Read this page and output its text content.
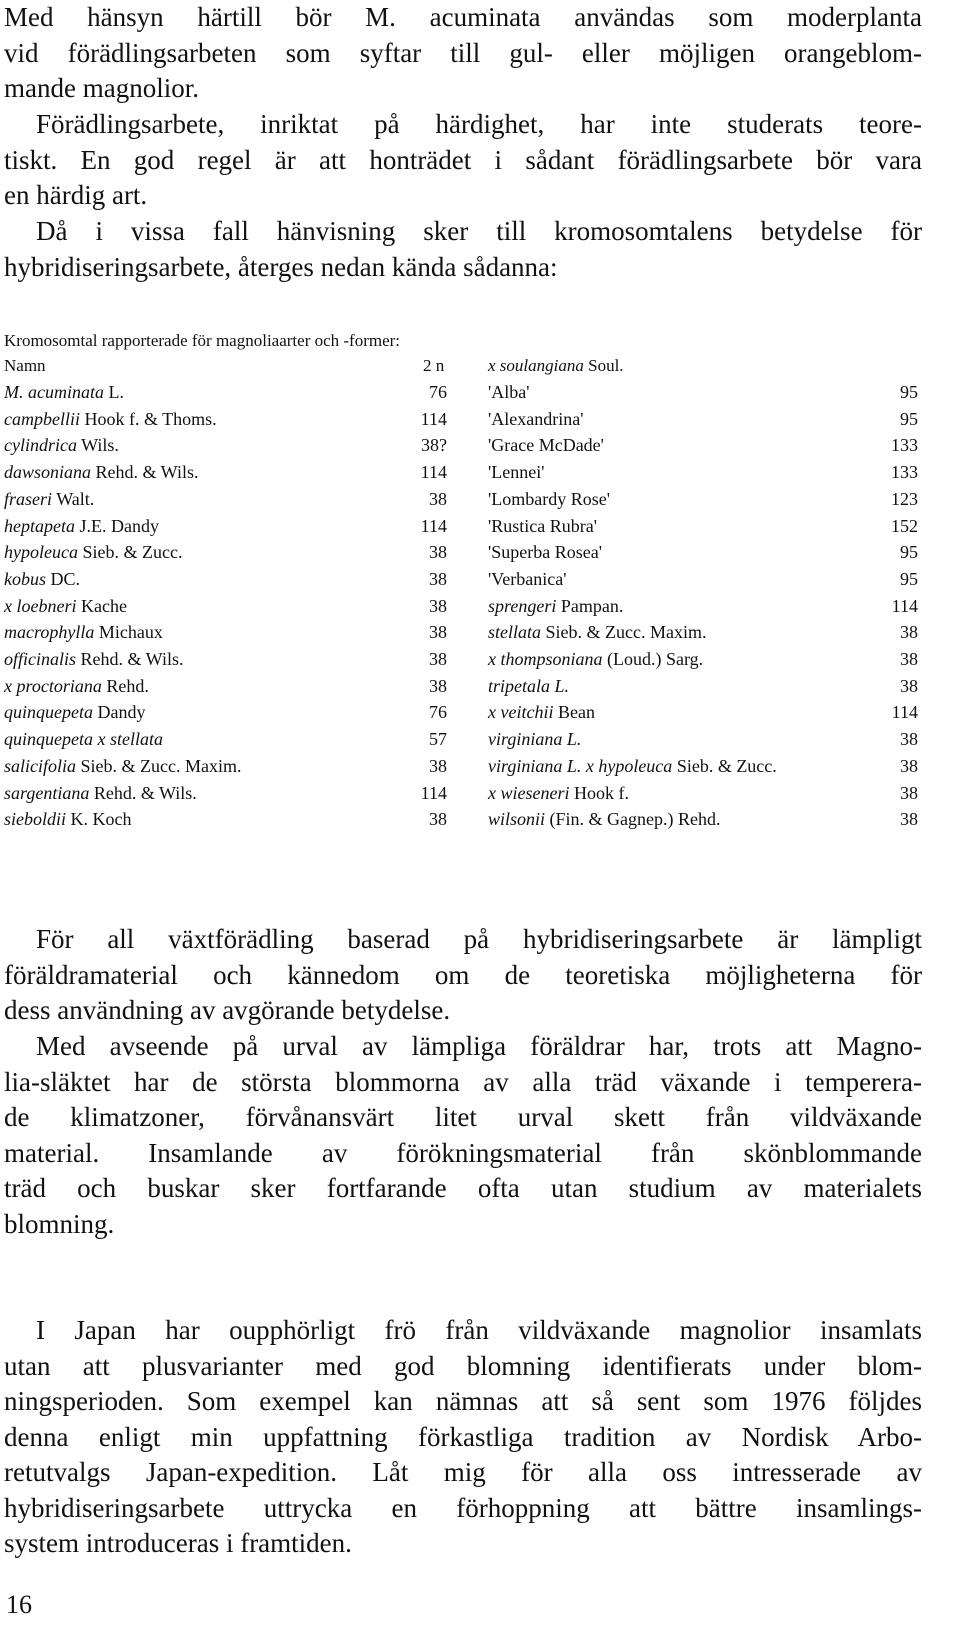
Med hänsyn härtill bör M. acuminata användas som moderplanta
vid förädlingsarbeten som syftar till gul- eller möjligen orangeblom-
mande magnolior.
Förädlingsarbete, inriktat på härdighet, har inte studerats teore-
tiskt. En god regel är att honträdet i sådant förädlingsarbete bör vara
en härdig art.
Då i vissa fall hänvisning sker till kromosomtalens betydelse för
hybridiseringsarbete, återges nedan kända sådanna:
Kromosomtal rapporterade för magnoliaarter och -former:
Namn	2 n	x soulangiana Soul.
M. acuminata L.	76 'Alba'	95
campbellii Hook f. & Thoms.	114 'Alexandrina'	95
cylindrica Wils.	38? 'Grace McDade'	133
dawsoniana Rehd. & Wils.	114 'Lennei'	133
fraseri Walt.	38 'Lombardy Rose'	123
heptapeta J.E. Dandy	114 'Rustica Rubra'	152
hypoleuca Sieb. & Zucc.	38 'Superba Rosea'	95
kobus DC.	38 'Verbanica'	95
x loebneri Kache	38 sprengeri Pampan.	114
macrophylla Michaux	38 stellata Sieb. & Zucc. Maxim.	38
officinalis Rehd. & Wils.	38 x thompsoniana (Loud.) Sarg.	38
x proctoriana Rehd.	38 tripetala L.	38
quinquepeta Dandy	76 x veitchii Bean	114
quinquepeta x stellata	57 virginiana L.	38
salicifolia Sieb. & Zucc. Maxim.	38 virginiana L. x hypoleuca Sieb. & Zucc.	38
sargentiana Rehd. & Wils.	114 x wieseneri Hook f.	38
sieboldii K. Koch	38 wilsonii (Fin. & Gagnep.) Rehd.	38
För all växtförädling baserad på hybridiseringsarbete är lämpligt
föräldramaterial och kännedom om de teoretiska möjligheterna för
dess användning av avgörande betydelse.
Med avseende på urval av lämpliga föräldrar har, trots att Magno-
lia-släktet har de största blommorna av alla träd växande i temperera-
de klimatzoner, förvånansvärt litet urval skett från vildväxande
material. Insamlande av förökningsmaterial från skönblommande
träd och buskar sker fortfarande ofta utan studium av materialets
blomning.
I Japan har oupphörligt frö från vildväxande magnolior insamlats
utan att plusvarianter med god blomning identifierats under blom-
ningsperioden. Som exempel kan nämnas att så sent som 1976 följdes
denna enligt min uppfattning förkastliga tradition av Nordisk Arbo-
retutvalgs Japan-expedition. Låt mig för alla oss intresserade av
hybridiseringsarbete uttrycka en förhoppning att bättre insamlings-
system introduceras i framtiden.
16
